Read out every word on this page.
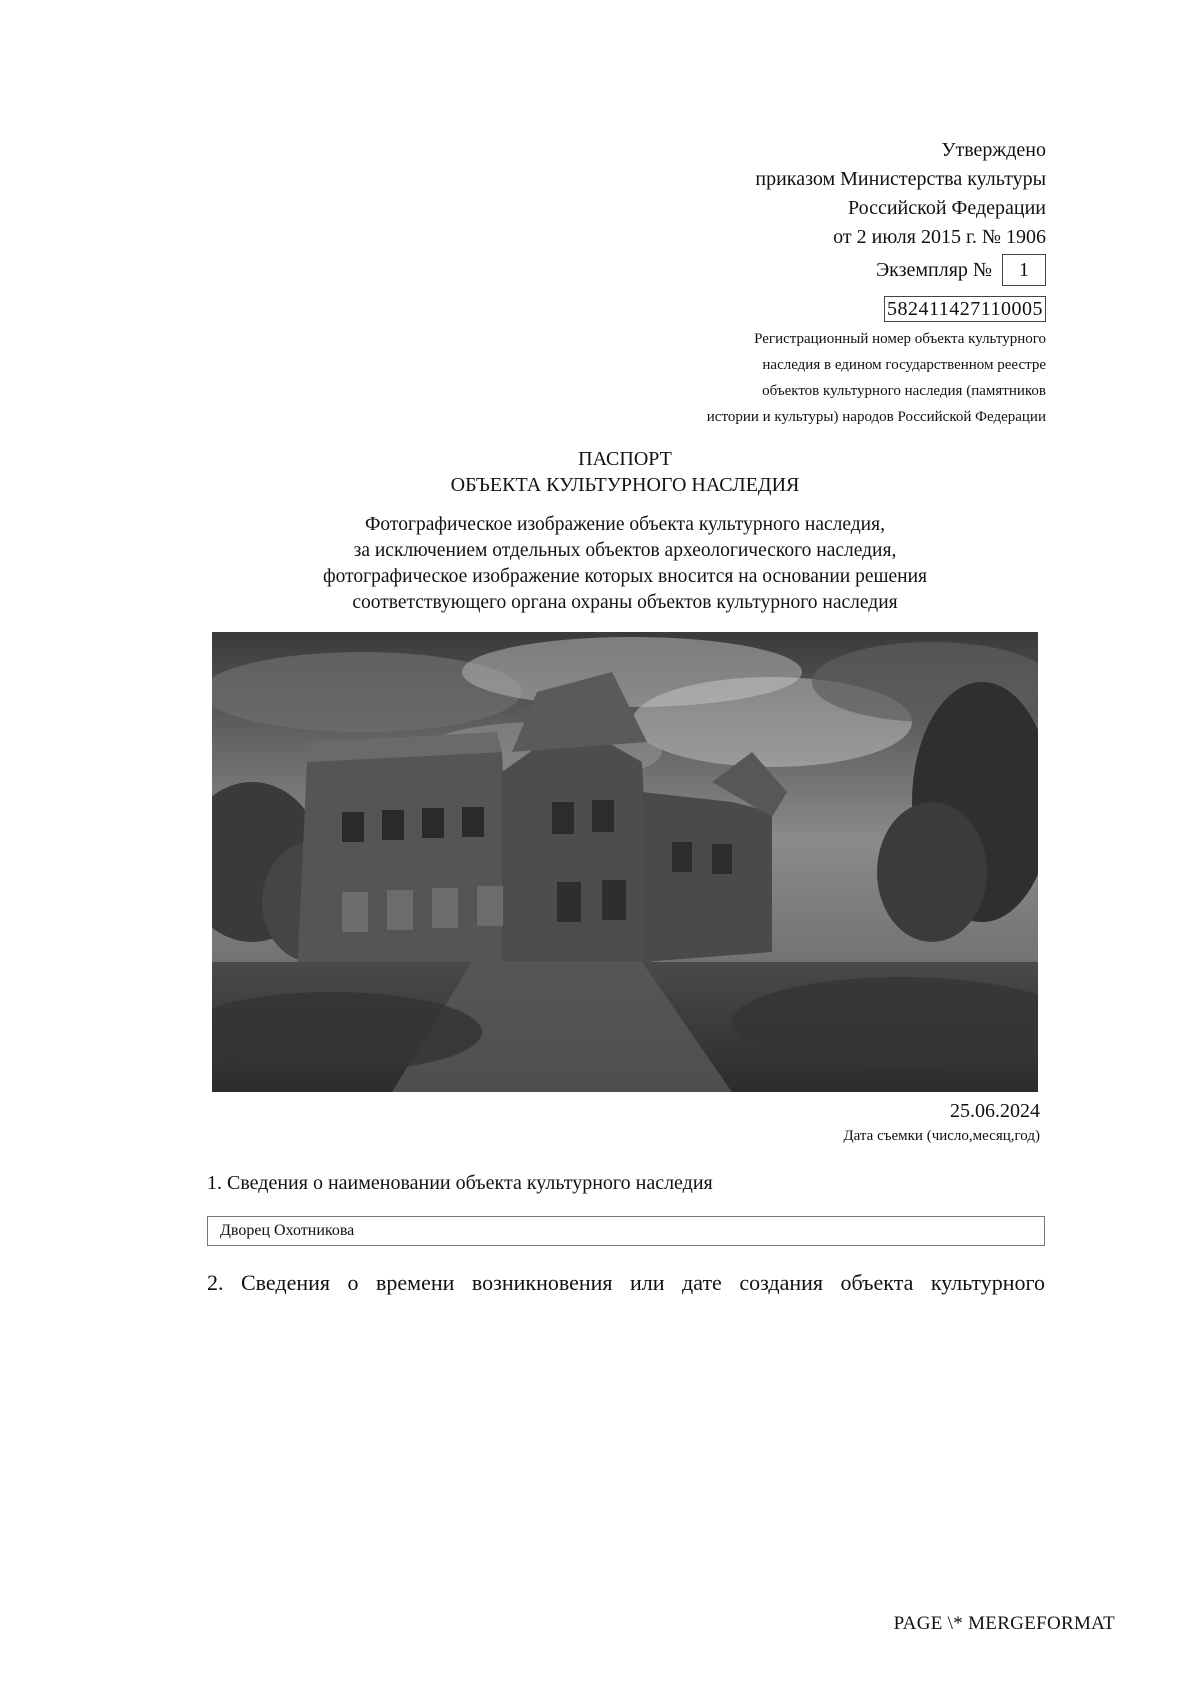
Утверждено
приказом Министерства культуры
Российской Федерации
от 2 июля 2015 г. № 1906
Экземпляр №	1
582411427110005
Регистрационный номер объекта культурного
наследия в едином государственном реестре
объектов культурного наследия (памятников
истории и культуры) народов Российской Федерации
ПАСПОРТ
ОБЪЕКТА КУЛЬТУРНОГО НАСЛЕДИЯ
Фотографическое изображение объекта культурного наследия,
за исключением отдельных объектов археологического наследия,
фотографическое изображение которых вносится на основании решения
соответствующего органа охраны объектов культурного наследия
25.06.2024
Дата съемки (число,месяц,год)
1. Сведения о наименовании объекта культурного наследия
Дворец Охотникова
2. Сведения о времени возникновения или дате создания объекта культурного
PAGE \* MERGEFORMAT
